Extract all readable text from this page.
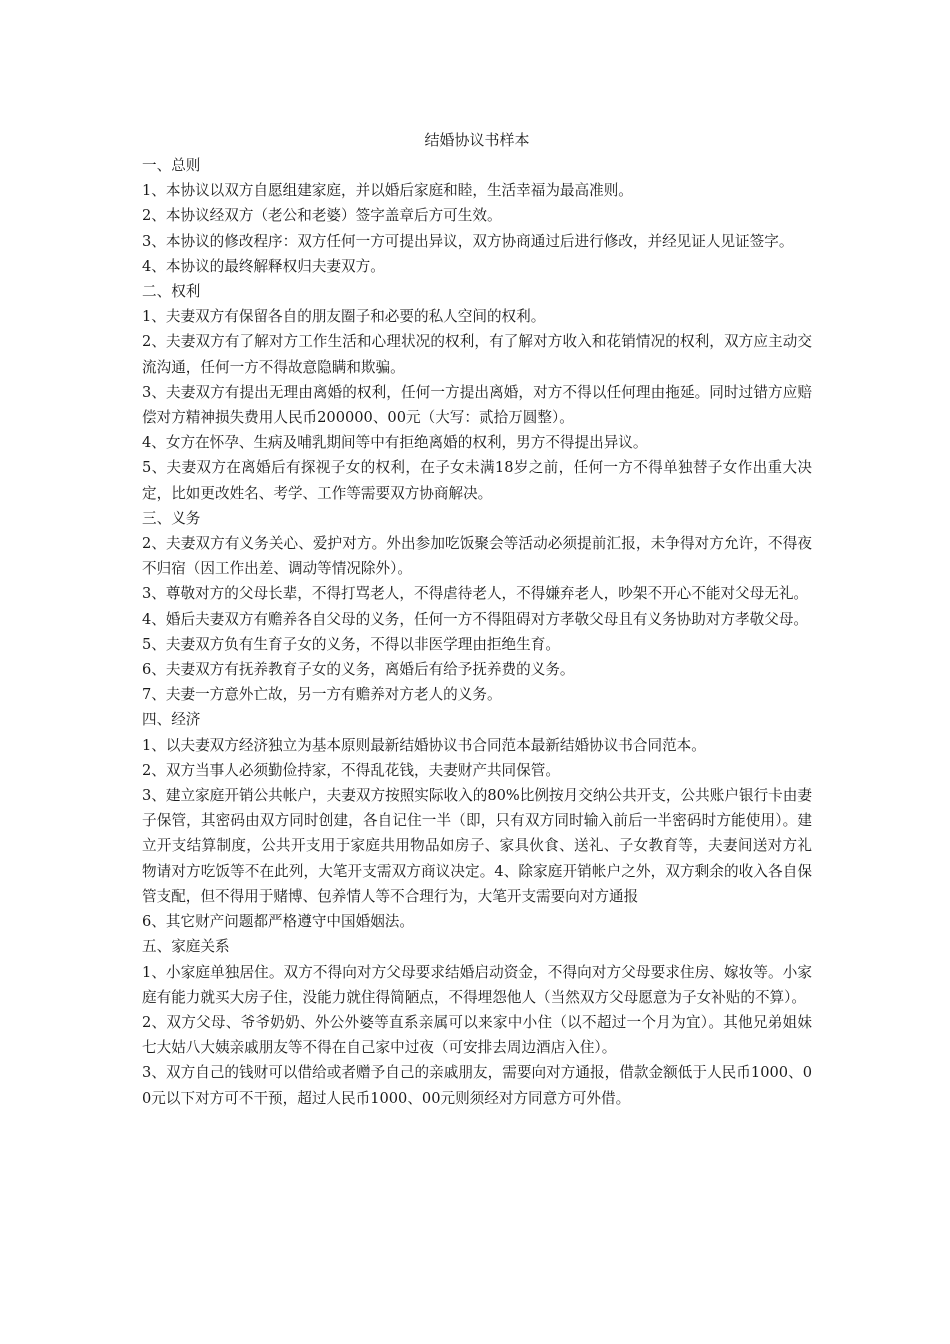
结婚协议书样本

一、总则

1、本协议以双方自愿组建家庭，并以婚后家庭和睦，生活幸福为最高准则。

2、本协议经双方（老公和老婆）签字盖章后方可生效。

3、本协议的修改程序：双方任何一方可提出异议，双方协商通过后进行修改，并经见证人见证签字。

4、本协议的最终解释权归夫妻双方。

二、权利

1、夫妻双方有保留各自的朋友圈子和必要的私人空间的权利。

2、夫妻双方有了解对方工作生活和心理状况的权利，有了解对方收入和花销情况的权利，双方应主动交流沟通，任何一方不得故意隐瞒和欺骗。

3、夫妻双方有提出无理由离婚的权利，任何一方提出离婚，对方不得以任何理由拖延。同时过错方应赔偿对方精神损失费用人民币200000、00元（大写：贰拾万圆整）。

4、女方在怀孕、生病及哺乳期间等中有拒绝离婚的权利，男方不得提出异议。

5、夫妻双方在离婚后有探视子女的权利，在子女未满18岁之前，任何一方不得单独替子女作出重大决定，比如更改姓名、考学、工作等需要双方协商解决。

三、义务

2、夫妻双方有义务关心、爱护对方。外出参加吃饭聚会等活动必须提前汇报，未争得对方允许，不得夜不归宿（因工作出差、调动等情况除外）。

3、尊敬对方的父母长辈，不得打骂老人，不得虐待老人，不得嫌弃老人，吵架不开心不能对父母无礼。

4、婚后夫妻双方有赡养各自父母的义务，任何一方不得阻碍对方孝敬父母且有义务协助对方孝敬父母。

5、夫妻双方负有生育子女的义务，不得以非医学理由拒绝生育。

6、夫妻双方有抚养教育子女的义务，离婚后有给予抚养费的义务。

7、夫妻一方意外亡故，另一方有赡养对方老人的义务。

四、经济

1、以夫妻双方经济独立为基本原则最新结婚协议书合同范本最新结婚协议书合同范本。

2、双方当事人必须勤俭持家，不得乱花钱，夫妻财产共同保管。

3、建立家庭开销公共帐户，夫妻双方按照实际收入的80%比例按月交纳公共开支，公共账户银行卡由妻子保管，其密码由双方同时创建，各自记住一半（即，只有双方同时输入前后一半密码时方能使用）。建立开支结算制度，公共开支用于家庭共用物品如房子、家具伙食、送礼、子女教育等，夫妻间送对方礼物请对方吃饭等不在此列，大笔开支需双方商议决定。4、除家庭开销帐户之外，双方剩余的收入各自保管支配，但不得用于赌博、包养情人等不合理行为，大笔开支需要向对方通报

6、其它财产问题都严格遵守中国婚姻法。

五、家庭关系

1、小家庭单独居住。双方不得向对方父母要求结婚启动资金，不得向对方父母要求住房、嫁妆等。小家庭有能力就买大房子住，没能力就住得简陋点，不得埋怨他人（当然双方父母愿意为子女补贴的不算）。

2、双方父母、爷爷奶奶、外公外婆等直系亲属可以来家中小住（以不超过一个月为宜）。其他兄弟姐妹七大姑八大姨亲戚朋友等不得在自己家中过夜（可安排去周边酒店入住）。

3、双方自己的钱财可以借给或者赠予自己的亲戚朋友，需要向对方通报，借款金额低于人民币1000、00元以下对方可不干预，超过人民币1000、00元则须经对方同意方可外借。
